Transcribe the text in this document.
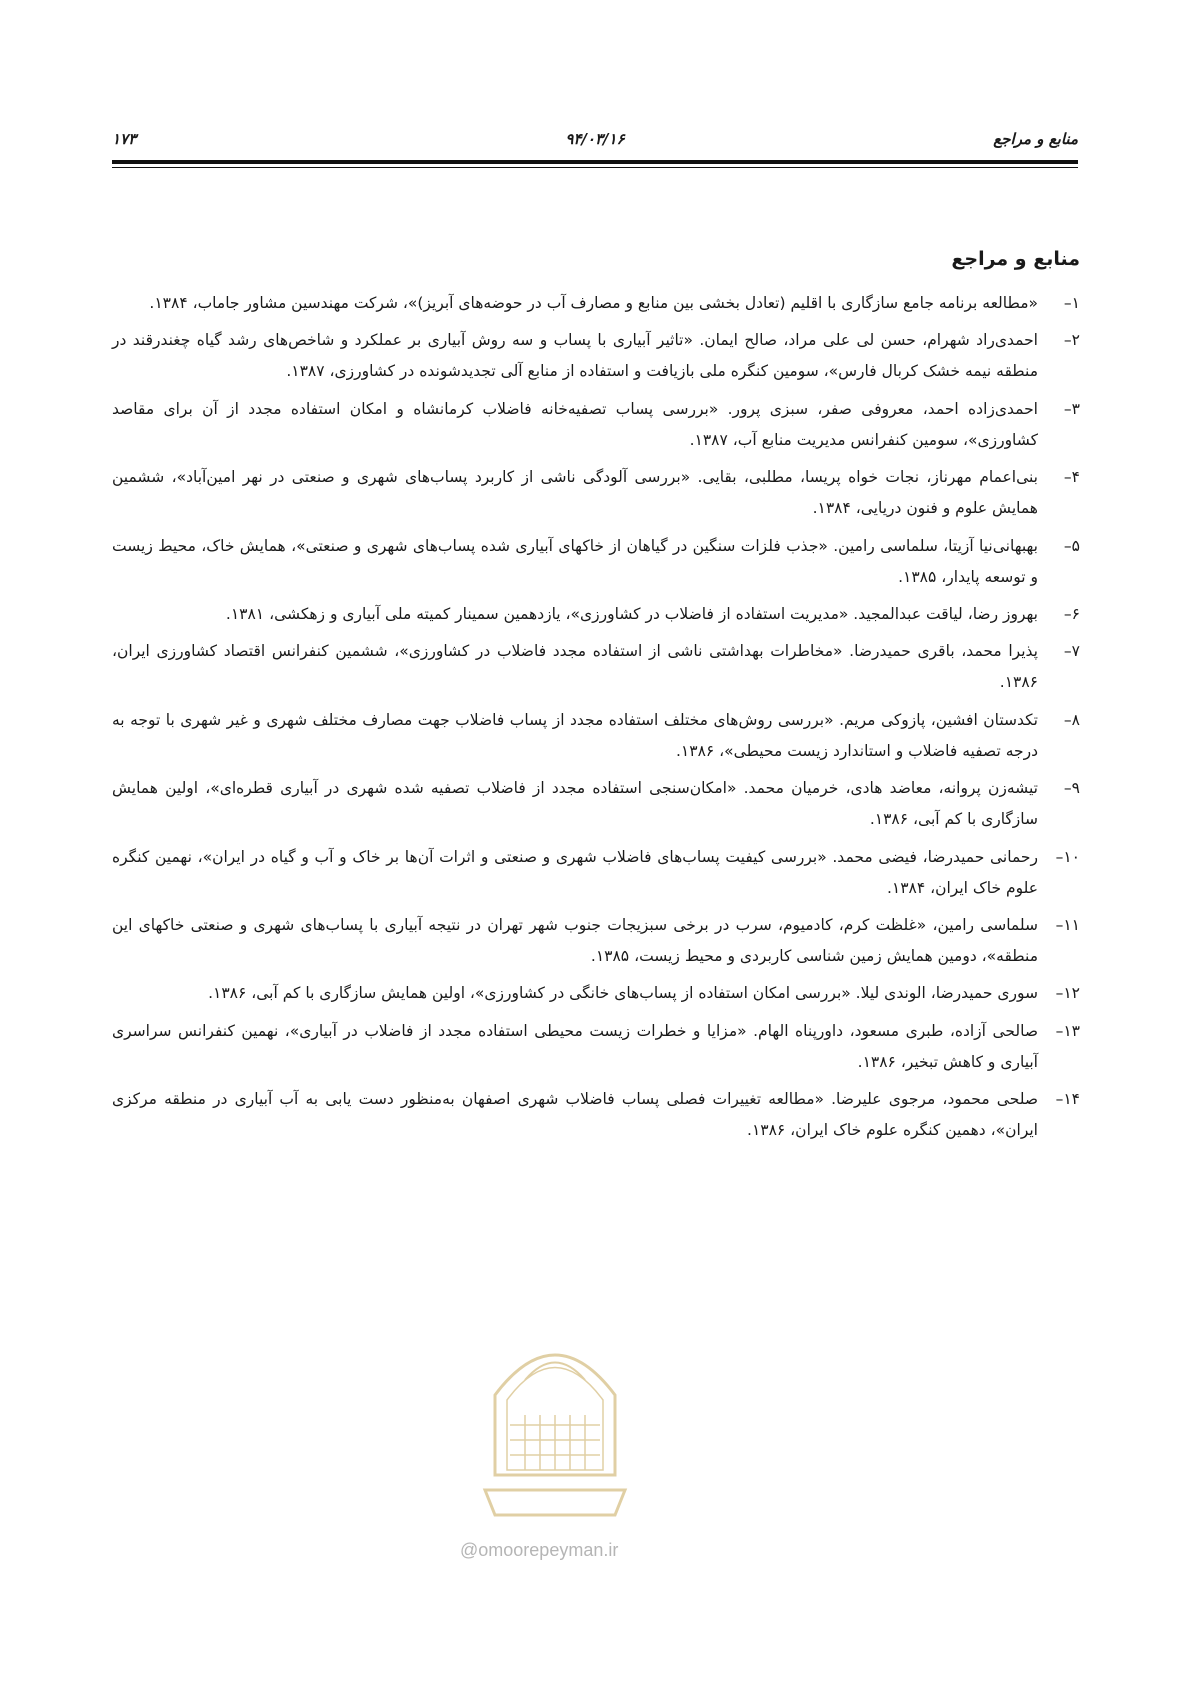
منابع و مراجع
۹۴/۰۳/۱۶
۱۷۳
منابع و مراجع
۱–
«مطالعه برنامه جامع سازگاری با اقلیم (تعادل بخشی بین منابع و مصارف آب در حوضه‌های آبریز)»، شرکت مهندسین مشاور جاماب، ۱۳۸۴.
۲–
احمدی‌راد شهرام، حسن لی علی مراد، صالح ایمان. «تاثیر آبیاری با پساب و سه روش آبیاری بر عملکرد و شاخص‌های رشد گیاه چغندرقند در منطقه نیمه خشک کربال فارس»، سومین کنگره ملی بازیافت و استفاده از منابع آلی تجدیدشونده در کشاورزی، ۱۳۸۷.
۳–
احمدی‌زاده احمد، معروفی صفر، سبزی پرور. «بررسی پساب تصفیه‌خانه فاضلاب کرمانشاه و امکان استفاده مجدد از آن برای مقاصد کشاورزی»، سومین کنفرانس مدیریت منابع آب، ۱۳۸۷.
۴–
بنی‌اعمام مهرناز، نجات خواه پریسا، مطلبی، بقایی. «بررسی آلودگی ناشی از کاربرد پساب‌های شهری و صنعتی در نهر امین‌آباد»، ششمین همایش علوم و فنون دریایی، ۱۳۸۴.
۵–
بهبهانی‌نیا آزیتا، سلماسی رامین. «جذب فلزات سنگین در گیاهان از خاکهای آبیاری شده پساب‌های شهری و صنعتی»، همایش خاک، محیط زیست و توسعه پایدار، ۱۳۸۵.
۶–
بهروز رضا، لیاقت عبدالمجید. «مدیریت استفاده از فاضلاب در کشاورزی»، یازدهمین سمینار کمیته ملی آبیاری و زهکشی، ۱۳۸۱.
۷–
پذیرا محمد، باقری حمیدرضا. «مخاطرات بهداشتی ناشی از استفاده مجدد فاضلاب در کشاورزی»، ششمین کنفرانس اقتصاد کشاورزی ایران، ۱۳۸۶.
۸–
تکدستان افشین، پازوکی مریم. «بررسی روش‌های مختلف استفاده مجدد از پساب فاضلاب جهت مصارف مختلف شهری و غیر شهری با توجه به درجه تصفیه فاضلاب و استاندارد زیست محیطی»، ۱۳۸۶.
۹–
تیشه‌زن پروانه، معاضد هادی، خرمیان محمد. «امکان‌سنجی استفاده مجدد از فاضلاب تصفیه شده شهری در آبیاری قطره‌ای»، اولین همایش سازگاری با کم آبی، ۱۳۸۶.
۱۰–
رحمانی حمیدرضا، فیضی محمد. «بررسی کیفیت پساب‌های فاضلاب شهری و صنعتی و اثرات آن‌ها بر خاک و آب و گیاه در ایران»، نهمین کنگره علوم خاک ایران، ۱۳۸۴.
۱۱–
سلماسی رامین، «غلظت کرم، کادمیوم، سرب در برخی سبزیجات جنوب شهر تهران در نتیجه آبیاری با پساب‌های شهری و صنعتی خاکهای این منطقه»، دومین همایش زمین شناسی کاربردی و محیط زیست، ۱۳۸۵.
۱۲–
سوری حمیدرضا، الوندی لیلا. «بررسی امکان استفاده از پساب‌های خانگی در کشاورزی»، اولین همایش سازگاری با کم آبی، ۱۳۸۶.
۱۳–
صالحی آزاده، طبری مسعود، داورپناه الهام. «مزایا و خطرات زیست محیطی استفاده مجدد از فاضلاب در آبیاری»، نهمین کنفرانس سراسری آبیاری و کاهش تبخیر، ۱۳۸۶.
۱۴–
صلحی محمود، مرجوی علیرضا. «مطالعه تغییرات فصلی پساب فاضلاب شهری اصفهان به‌منظور دست یابی به آب آبیاری در منطقه مرکزی ایران»، دهمین کنگره علوم خاک ایران، ۱۳۸۶.
@omoorepeyman.ir
